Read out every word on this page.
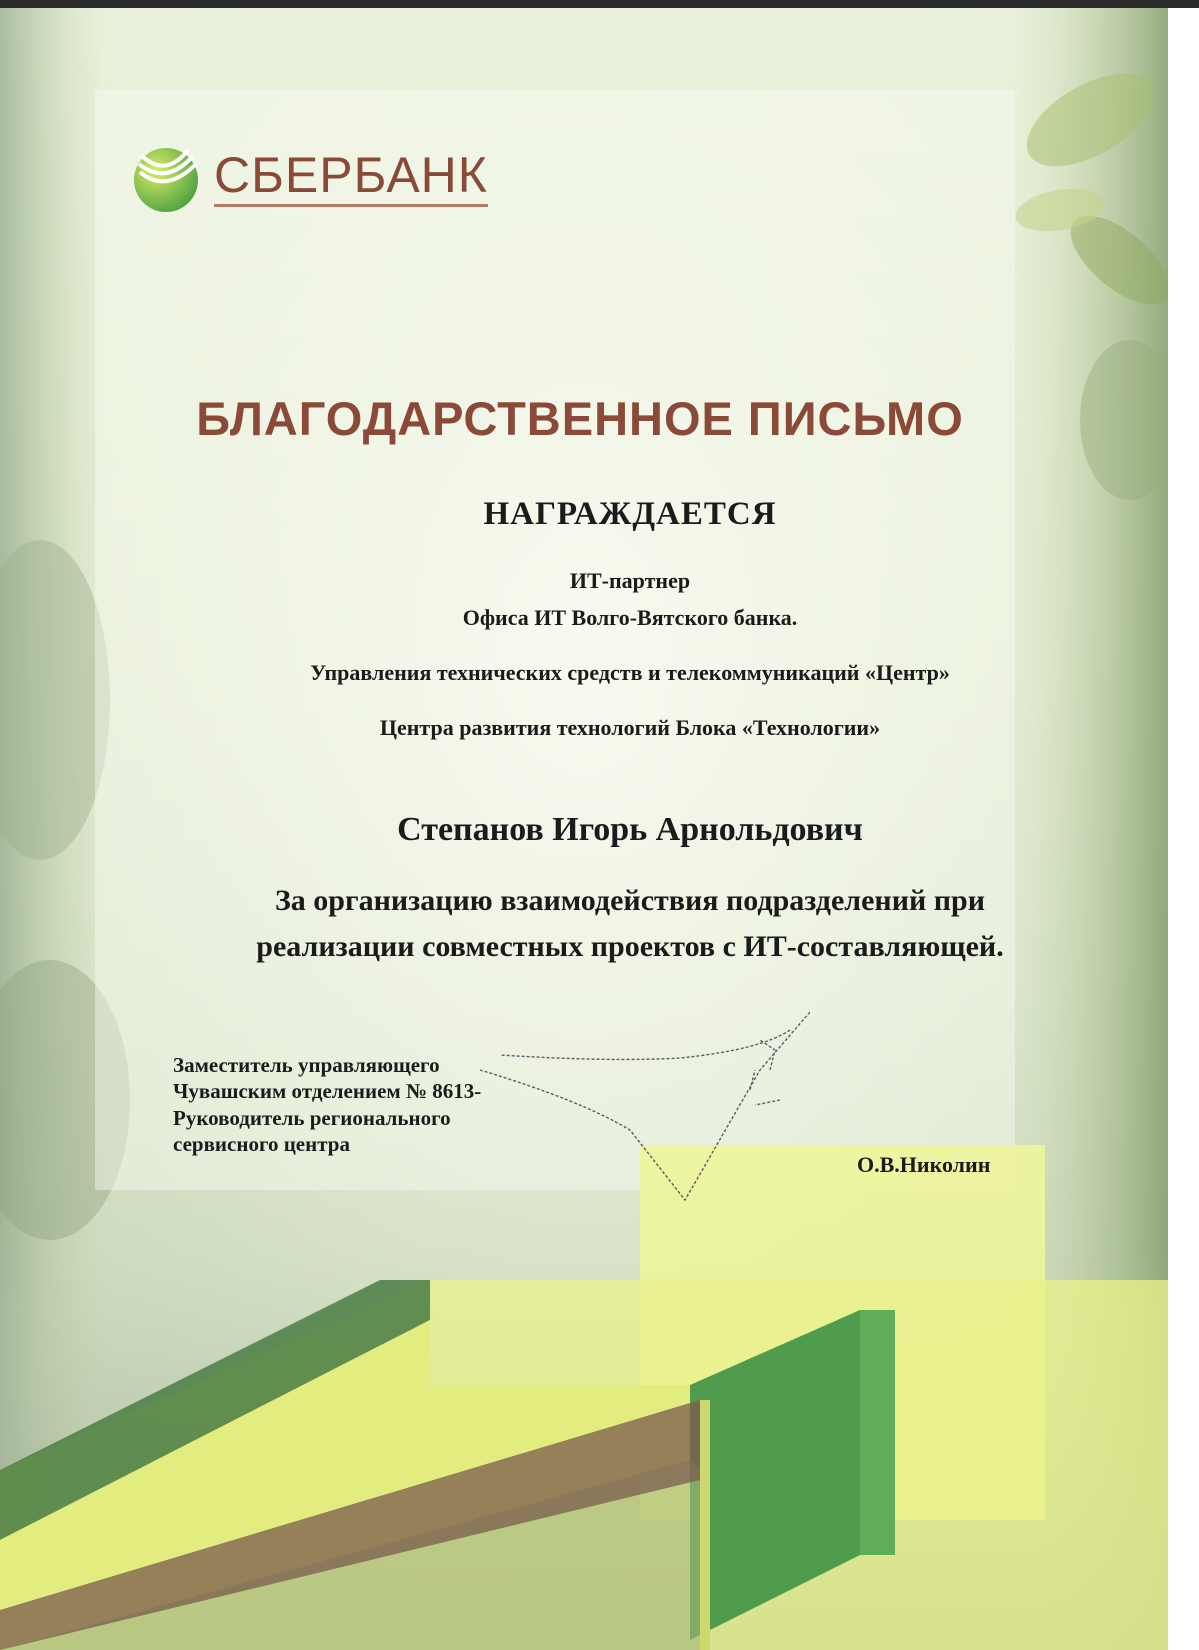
СБЕРБАНК
БЛАГОДАРСТВЕННОЕ ПИСЬМО
НАГРАЖДАЕТСЯ
ИТ-партнер
Офиса ИТ Волго-Вятского банка.
Управления технических средств и телекоммуникаций «Центр»
Центра развития технологий Блока «Технологии»
Степанов Игорь Арнольдович
За организацию взаимодействия подразделений при
реализации совместных проектов с ИТ-составляющей.
Заместитель управляющего
Чувашским отделением № 8613-
Руководитель регионального
сервисного центра
О.В.Николин
